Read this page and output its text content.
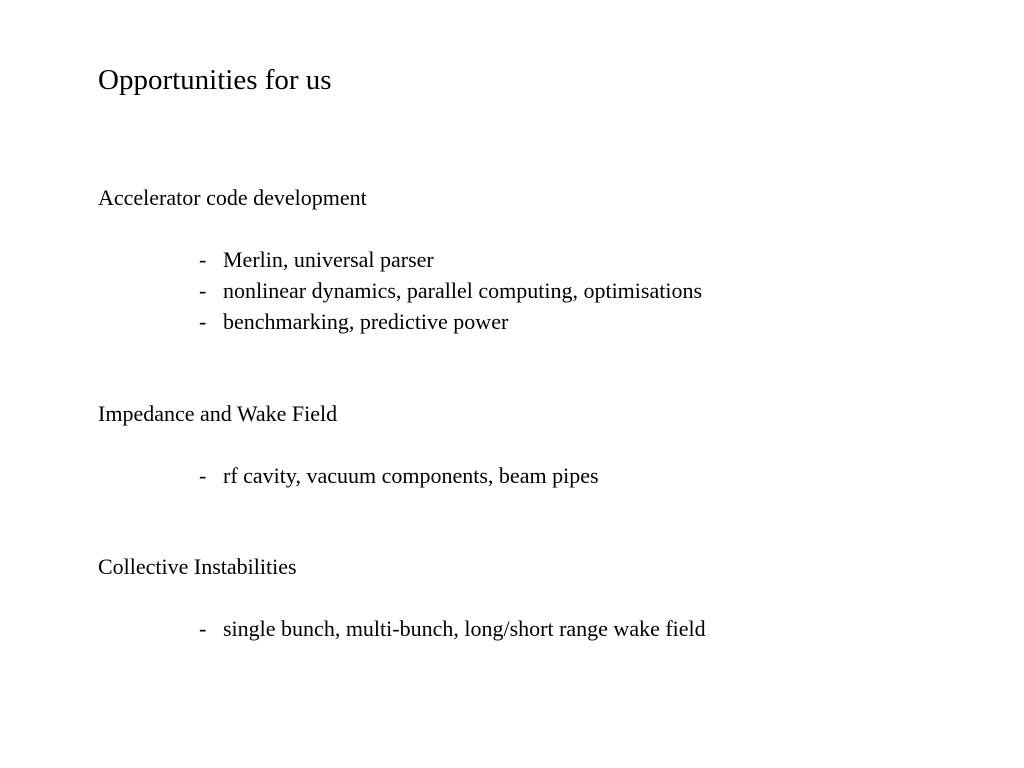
Opportunities for us
Accelerator code development

- Merlin, universal parser

- nonlinear dynamics, parallel computing, optimisations

- benchmarking, predictive power

Impedance and Wake Field

- rf cavity, vacuum components, beam pipes

Collective Instabilities

- single bunch, multi-bunch, long/short range wake field
